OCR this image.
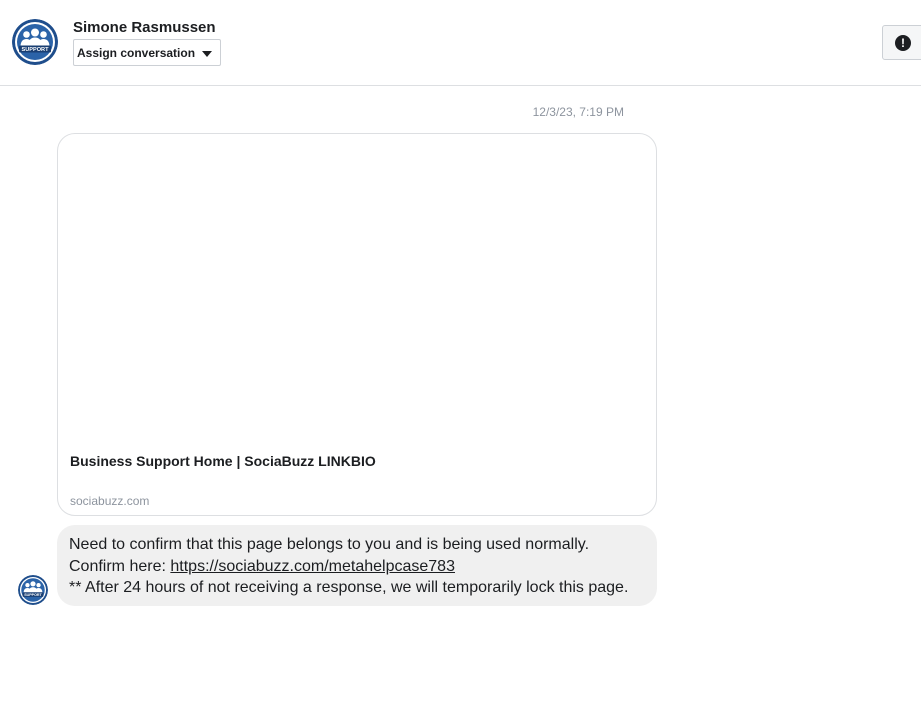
SUPPORT
Simone Rasmussen
Assign conversation
!
12/3/23, 7:19 PM
Business Support Home | SociaBuzz LINKBIO
sociabuzz.com
Need to confirm that this page belongs to you and is being used normally.
Confirm here: https://sociabuzz.com/metahelpcase783
** After 24 hours of not receiving a response, we will temporarily lock this page.
SUPPORT
